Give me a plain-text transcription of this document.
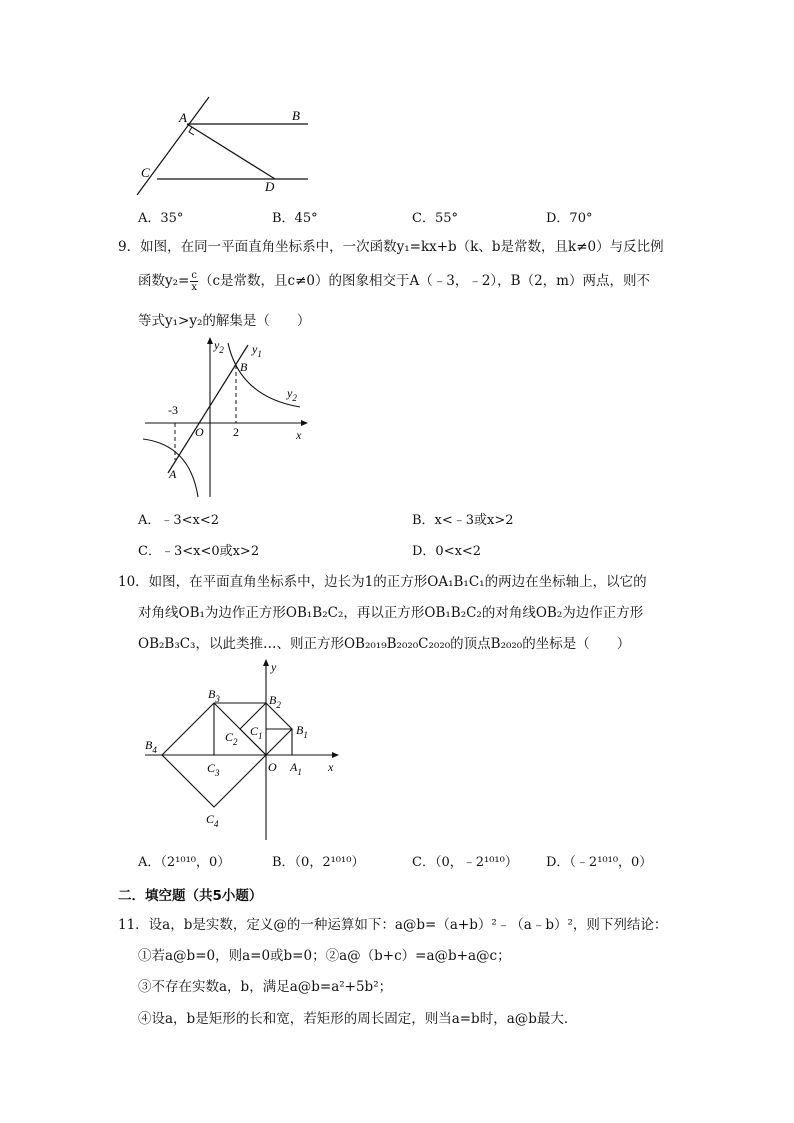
A	B
C
D
A．35°	B．45°	C．55°	D．70°
9．如图，在同一平面直角坐标系中，一次函数y₁=kx+b（k、b是常数，且k≠0）与反比例
函数$y_2= \frac{c}{x} (c$是常数，且c≠0）的图象相交于A（﹣3，﹣2），B（2，m）两点，则不
等式y₁>y₂的解集是（　　）
$y_2$ $y_1$
B
$y_2$
-3
O 2	x
A
A．﹣3<x<2	B．x<﹣3或x>2
C．﹣3<x<0或x>2	D．0<x<2
10．如图，在平面直角坐标系中，边长为1的正方形OA₁B₁C₁的两边在坐标轴上，以它的
对角线OB₁为边作正方形OB₁B₂C₂，再以正方形OB₁B₂C₂的对角线OB₂为边作正方形
OB₂B₃C₃，以此类推…、则正方形OB₂₀₁₉B₂₀₂₀C₂₀₂₀的顶点B₂₀₂₀的坐标是（　　）
y
$B_3$	$B_2$
$C_1$	$B_1$
$C_2$
$B_4$
$C_3$	O $A_1$ x
$C_4$
A．（2¹⁰¹⁰，0）	B．（0，2¹⁰¹⁰）	C．（0，﹣2¹⁰¹⁰） D．（﹣2¹⁰¹⁰，0）
二．填空题（共5小题）
11．设a，b是实数，定义@的一种运算如下：a@b=（a+b）²﹣（a﹣b）²，则下列结论：
①若a@b=0，则a=0或b=0；②a@（b+c）=a@b+a@c；
③不存在实数a，b，满足a@b=a²+5b²；
④设a，b是矩形的长和宽，若矩形的周长固定，则当a=b时，a@b最大．
